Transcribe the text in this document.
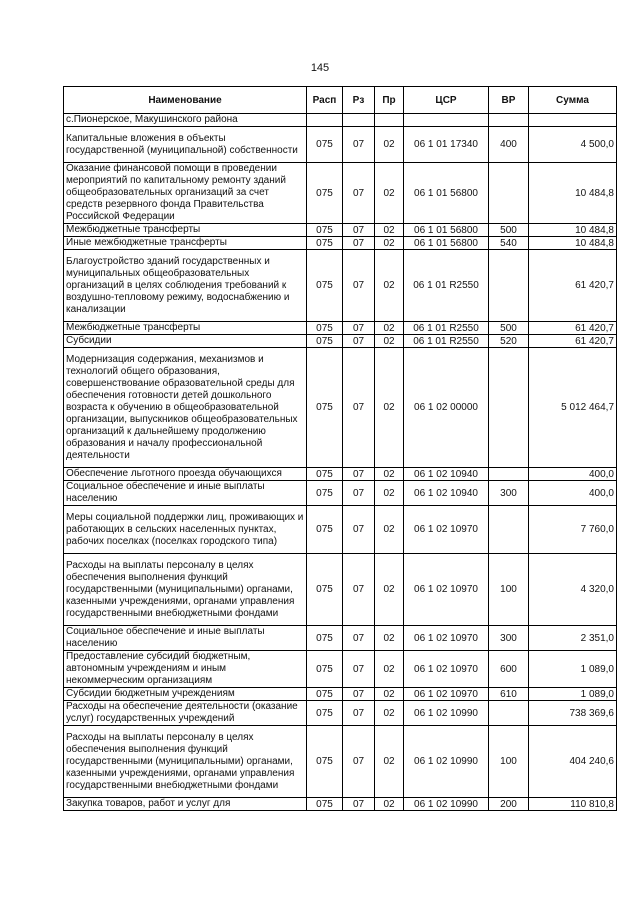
145
Наименование	Расп	Рз	Пр	ЦСР	ВР	Сумма
с.Пионерское, Макушинского района						
Капитальные вложения в объекты государственной (муниципальной) собственности	075	07	02	06 1 01 17340	400	4 500,0
Оказание финансовой помощи в проведении мероприятий по капитальному ремонту зданий общеобразовательных организаций за счет средств резервного фонда Правительства Российской Федерации	075	07	02	06 1 01 56800		10 484,8
Межбюджетные трансферты	075	07	02	06 1 01 56800	500	10 484,8
Иные межбюджетные трансферты	075	07	02	06 1 01 56800	540	10 484,8
Благоустройство зданий государственных и муниципальных общеобразовательных организаций в целях соблюдения требований к воздушно-тепловому режиму, водоснабжению и канализации	075	07	02	06 1 01 R2550		61 420,7
Межбюджетные трансферты	075	07	02	06 1 01 R2550	500	61 420,7
Субсидии	075	07	02	06 1 01 R2550	520	61 420,7
Модернизация содержания, механизмов и технологий общего образования, совершенствование образовательной среды для обеспечения готовности детей дошкольного возраста к обучению в общеобразовательной организации, выпускников общеобразовательных организаций к дальнейшему продолжению образования и началу профессиональной деятельности	075	07	02	06 1 02 00000		5 012 464,7
Обеспечение льготного проезда обучающихся	075	07	02	06 1 02 10940		400,0
Социальное обеспечение и иные выплаты населению	075	07	02	06 1 02 10940	300	400,0
Меры социальной поддержки лиц, проживающих и работающих в сельских населенных пунктах, рабочих поселках (поселках городского типа)	075	07	02	06 1 02 10970		7 760,0
Расходы на выплаты персоналу в целях обеспечения выполнения функций государственными (муниципальными) органами, казенными учреждениями, органами управления государственными внебюджетными фондами	075	07	02	06 1 02 10970	100	4 320,0
Социальное обеспечение и иные выплаты населению	075	07	02	06 1 02 10970	300	2 351,0
Предоставление субсидий бюджетным, автономным учреждениям и иным некоммерческим организациям	075	07	02	06 1 02 10970	600	1 089,0
Субсидии бюджетным учреждениям	075	07	02	06 1 02 10970	610	1 089,0
Расходы на обеспечение деятельности (оказание услуг) государственных учреждений	075	07	02	06 1 02 10990		738 369,6
Расходы на выплаты персоналу в целях обеспечения выполнения функций государственными (муниципальными) органами, казенными учреждениями, органами управления государственными внебюджетными фондами	075	07	02	06 1 02 10990	100	404 240,6
Закупка товаров, работ и услуг для	075	07	02	06 1 02 10990	200	110 810,8
